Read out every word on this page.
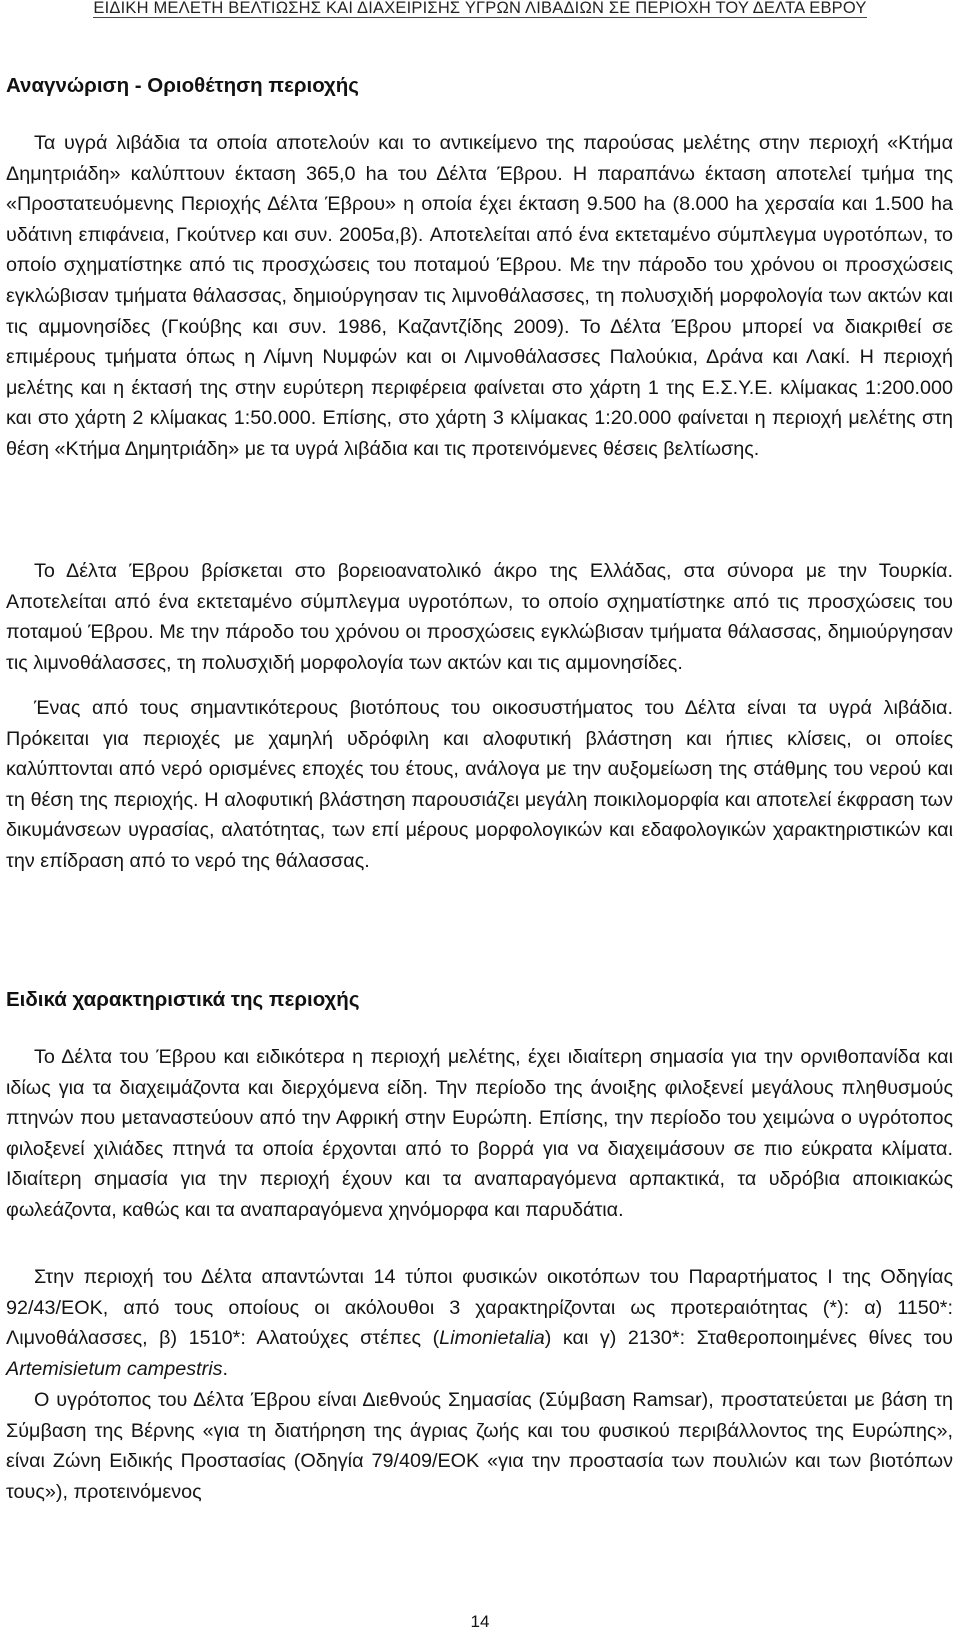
ΕΙΔΙΚΗ ΜΕΛΕΤΗ ΒΕΛΤΙΩΣΗΣ ΚΑΙ ΔΙΑΧΕΙΡΙΣΗΣ ΥΓΡΩΝ ΛΙΒΑΔΙΩΝ ΣΕ ΠΕΡΙΟΧΗ ΤΟΥ ΔΕΛΤΑ ΕΒΡΟΥ
Αναγνώριση - Οριοθέτηση περιοχής

Τα υγρά λιβάδια τα οποία αποτελούν και το αντικείμενο της παρούσας μελέτης στην περιοχή «Κτήμα Δημητριάδη» καλύπτουν έκταση 365,0 ha του Δέλτα Έβρου. Η παραπάνω έκταση αποτελεί τμήμα της «Προστατευόμενης Περιοχής Δέλτα Έβρου» η οποία έχει έκταση 9.500 ha (8.000 ha χερσαία και 1.500 ha υδάτινη επιφάνεια, Γκούτνερ και συν. 2005α,β). Αποτελείται από ένα εκτεταμένο σύμπλεγμα υγροτόπων, το οποίο σχηματίστηκε από τις προσχώσεις του ποταμού Έβρου. Με την πάροδο του χρόνου οι προσχώσεις εγκλώβισαν τμήματα θάλασσας, δημιούργησαν τις λιμνοθάλασσες, τη πολυσχιδή μορφολογία των ακτών και τις αμμονησίδες (Γκούβης και συν. 1986, Καζαντζίδης 2009). Το Δέλτα Έβρου μπορεί να διακριθεί σε επιμέρους τμήματα όπως η Λίμνη Νυμφών και οι Λιμνοθάλασσες Παλούκια, Δράνα και Λακί. Η περιοχή μελέτης και η έκτασή της στην ευρύτερη περιφέρεια φαίνεται στο χάρτη 1 της Ε.Σ.Υ.Ε. κλίμακας 1:200.000 και στο χάρτη 2 κλίμακας 1:50.000. Επίσης, στο χάρτη 3 κλίμακας 1:20.000 φαίνεται η περιοχή μελέτης στη θέση «Κτήμα Δημητριάδη» με τα υγρά λιβάδια και τις προτεινόμενες θέσεις βελτίωσης.

Το Δέλτα Έβρου βρίσκεται στο βορειοανατολικό άκρο της Ελλάδας, στα σύνορα με την Τουρκία. Αποτελείται από ένα εκτεταμένο σύμπλεγμα υγροτόπων, το οποίο σχηματίστηκε από τις προσχώσεις του ποταμού Έβρου. Με την πάροδο του χρόνου οι προσχώσεις εγκλώβισαν τμήματα θάλασσας, δημιούργησαν τις λιμνοθάλασσες, τη πολυσχιδή μορφολογία των ακτών και τις αμμονησίδες.

Ένας από τους σημαντικότερους βιοτόπους του οικοσυστήματος του Δέλτα είναι τα υγρά λιβάδια. Πρόκειται για περιοχές με χαμηλή υδρόφιλη και αλοφυτική βλάστηση και ήπιες κλίσεις, οι οποίες καλύπτονται από νερό ορισμένες εποχές του έτους, ανάλογα με την αυξομείωση της στάθμης του νερού και τη θέση της περιοχής. Η αλοφυτική βλάστηση παρουσιάζει μεγάλη ποικιλομορφία και αποτελεί έκφραση των δικυμάνσεων υγρασίας, αλατότητας, των επί μέρους μορφολογικών και εδαφολογικών χαρακτηριστικών και την επίδραση από το νερό της θάλασσας.

Ειδικά χαρακτηριστικά της περιοχής

Το Δέλτα του Έβρου και ειδικότερα η περιοχή μελέτης, έχει ιδιαίτερη σημασία για την ορνιθοπανίδα και ιδίως για τα διαχειμάζοντα και διερχόμενα είδη. Την περίοδο της άνοιξης φιλοξενεί μεγάλους πληθυσμούς πτηνών που μεταναστεύουν από την Αφρική στην Ευρώπη. Επίσης, την περίοδο του χειμώνα ο υγρότοπος φιλοξενεί χιλιάδες πτηνά τα οποία έρχονται από το βορρά για να διαχειμάσουν σε πιο εύκρατα κλίματα. Ιδιαίτερη σημασία για την περιοχή έχουν και τα αναπαραγόμενα αρπακτικά, τα υδρόβια αποικιακώς φωλεάζοντα, καθώς και τα αναπαραγόμενα χηνόμορφα και παρυδάτια.

Στην περιοχή του Δέλτα απαντώνται 14 τύποι φυσικών οικοτόπων του Παραρτήματος Ι της Οδηγίας 92/43/ΕΟΚ, από τους οποίους οι ακόλουθοι 3 χαρακτηρίζονται ως προτεραιότητας (*): α) 1150*: Λιμνοθάλασσες, β) 1510*: Αλατούχες στέπες (Limonietalia) και γ) 2130*: Σταθεροποιημένες θίνες του Artemisietum campestris.

Ο υγρότοπος του Δέλτα Έβρου είναι Διεθνούς Σημασίας (Σύμβαση Ramsar), προστατεύεται με βάση τη Σύμβαση της Βέρνης «για τη διατήρηση της άγριας ζωής και του φυσικού περιβάλλοντος της Ευρώπης», είναι Ζώνη Ειδικής Προστασίας (Οδηγία 79/409/ΕΟΚ «για την προστασία των πουλιών και των βιοτόπων τους»), προτεινόμενος

14
